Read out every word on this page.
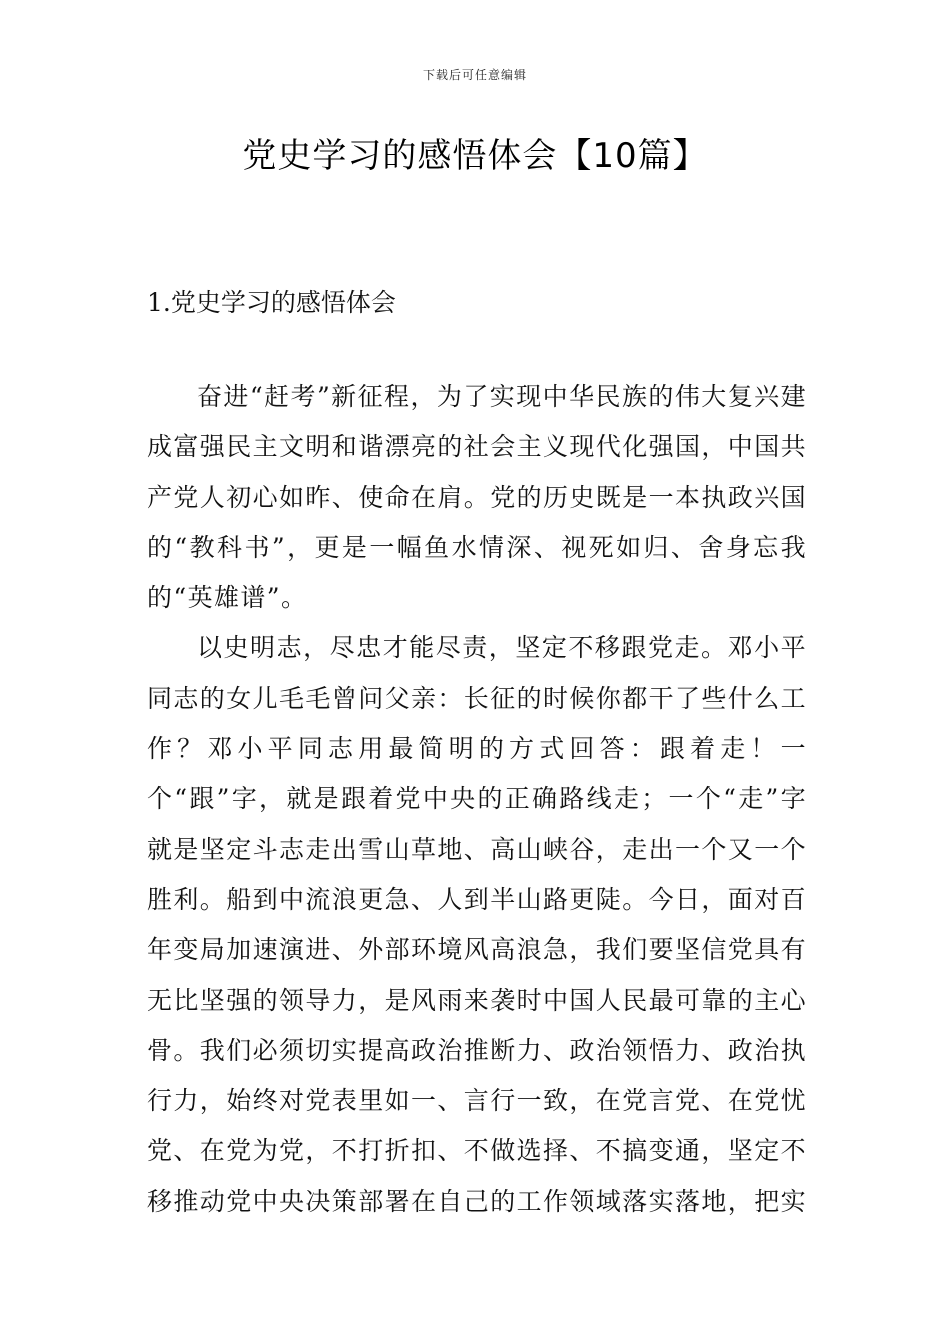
下载后可任意编辑
党史学习的感悟体会【10篇】
1.党史学习的感悟体会

奋进“赶考”新征程，为了实现中华民族的伟大复兴建成富强民主文明和谐漂亮的社会主义现代化强国，中国共产党人初心如昨、使命在肩。党的历史既是一本执政兴国的“教科书”，更是一幅鱼水情深、视死如归、舍身忘我的“英雄谱”。

以史明志，尽忠才能尽责，坚定不移跟党走。邓小平同志的女儿毛毛曾问父亲：长征的时候你都干了些什么工作？邓小平同志用最简明的方式回答：跟着走！一个“跟”字，就是跟着党中央的正确路线走；一个“走”字就是坚定斗志走出雪山草地、高山峡谷，走出一个又一个胜利。船到中流浪更急、人到半山路更陡。今日，面对百年变局加速演进、外部环境风高浪急，我们要坚信党具有无比坚强的领导力，是风雨来袭时中国人民最可靠的主心骨。我们必须切实提高政治推断力、政治领悟力、政治执行力，始终对党表里如一、言行一致，在党言党、在党忧党、在党为党，不打折扣、不做选择、不搞变通，坚定不移推动党中央决策部署在自己的工作领域落实落地，把实
